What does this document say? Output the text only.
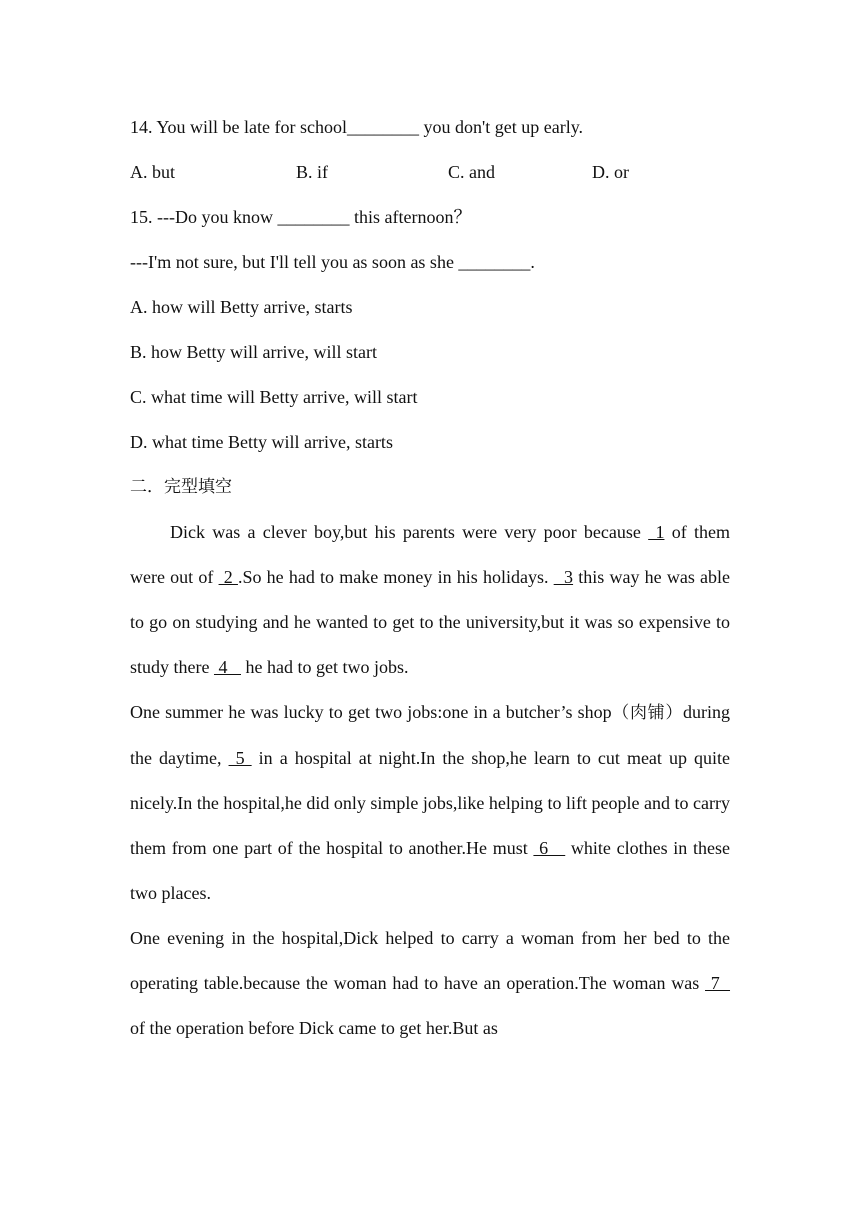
14. You will be late for school________ you don't get up early.
A. but	B. if	C. and	D. or
15. ---Do you know ________ this afternoon？
---I'm not sure, but I'll tell you as soon as she ________.
A. how will Betty arrive, starts
B. how Betty will arrive, will start
C. what time will Betty arrive, will start
D. what time Betty will arrive, starts
二．完型填空
Dick was a clever boy,but his parents were very poor because  1 of them were out of  2 .So he had to make money in his holidays.   3 this way he was able to go on studying and he wanted to get to the university,but it was so expensive to study there  4    he had to get two jobs.
One summer he was lucky to get two jobs:one in a butcher’s shop（肉铺）during the daytime,  5  in a hospital at night.In the shop,he learn to cut meat up quite nicely.In the hospital,he did only simple jobs,like helping to lift people and to carry them from one part of the hospital to another.He must  6    white clothes in these two places.
One evening in the hospital,Dick helped to carry a woman from her bed to the operating table.because the woman had to have an operation.The woman was  7   of the operation before Dick came to get her.But as
